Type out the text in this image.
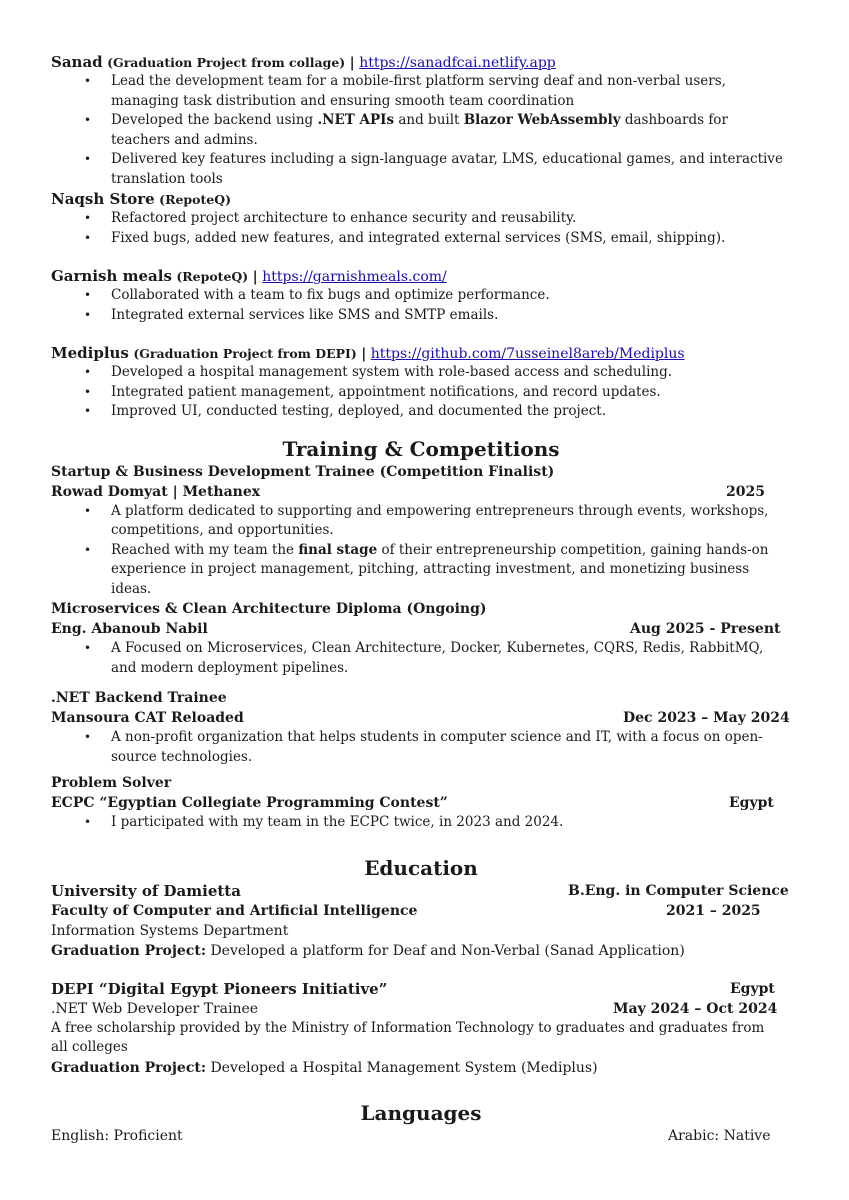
Sanad (Graduation Project from collage) | https://sanadfcai.netlify.app
• Lead the development team for a mobile-first platform serving deaf and non-verbal users, managing task distribution and ensuring smooth team coordination
• Developed the backend using .NET APIs and built Blazor WebAssembly dashboards for teachers and admins.
• Delivered key features including a sign-language avatar, LMS, educational games, and interactive translation tools
Naqsh Store (RepoteQ)
• Refactored project architecture to enhance security and reusability.
• Fixed bugs, added new features, and integrated external services (SMS, email, shipping).
Garnish meals (RepoteQ) | https://garnishmeals.com/
• Collaborated with a team to fix bugs and optimize performance.
• Integrated external services like SMS and SMTP emails.
Mediplus (Graduation Project from DEPI) | https://github.com/7usseinel8areb/Mediplus
• Developed a hospital management system with role-based access and scheduling.
• Integrated patient management, appointment notifications, and record updates.
• Improved UI, conducted testing, deployed, and documented the project.
Training & Competitions
Startup & Business Development Trainee (Competition Finalist)
Rowad Domyat | Methanex	2025
• A platform dedicated to supporting and empowering entrepreneurs through events, workshops, competitions, and opportunities.
• Reached with my team the final stage of their entrepreneurship competition, gaining hands-on experience in project management, pitching, attracting investment, and monetizing business ideas.
Microservices & Clean Architecture Diploma (Ongoing)
Eng. Abanoub Nabil	Aug 2025 - Present
• A Focused on Microservices, Clean Architecture, Docker, Kubernetes, CQRS, Redis, RabbitMQ, and modern deployment pipelines.
.NET Backend Trainee
Mansoura CAT Reloaded	Dec 2023 – May 2024
• A non-profit organization that helps students in computer science and IT, with a focus on open-source technologies.
Problem Solver
ECPC “Egyptian Collegiate Programming Contest”	Egypt
• I participated with my team in the ECPC twice, in 2023 and 2024.
Education
University of Damietta	B.Eng. in Computer Science
Faculty of Computer and Artificial Intelligence	2021 – 2025
Information Systems Department
Graduation Project: Developed a platform for Deaf and Non-Verbal (Sanad Application)
DEPI “Digital Egypt Pioneers Initiative”	Egypt
.NET Web Developer Trainee	May 2024 – Oct 2024
A free scholarship provided by the Ministry of Information Technology to graduates and graduates from all colleges
Graduation Project: Developed a Hospital Management System (Mediplus)
Languages
English: Proficient	Arabic: Native
